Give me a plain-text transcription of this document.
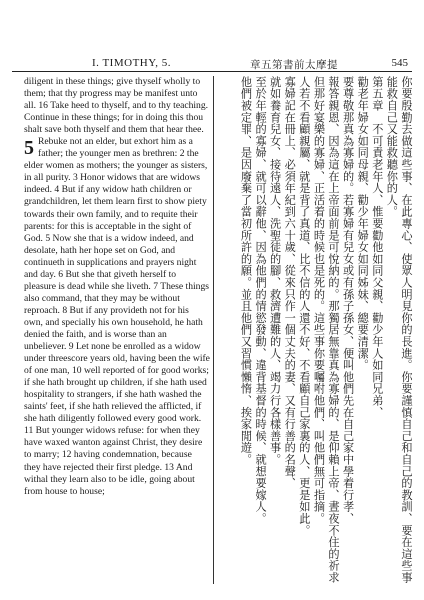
I. TIMOTHY, 5.	章五第書前太摩提	545

diligent in these things; give thyself wholly to them; that thy progress may be manifest unto all. 16 Take heed to thyself, and to thy teaching. Continue in these things; for in doing this thou shalt save both thyself and them that hear thee.

5 Rebuke not an elder, but exhort him as a father; the younger men as brethren: 2 the elder women as mothers; the younger as sisters, in all purity. 3 Honor widows that are widows indeed. 4 But if any widow hath children or grandchildren, let them learn first to show piety towards their own family, and to requite their parents: for this is acceptable in the sight of God. 5 Now she that is a widow indeed, and desolate, hath her hope set on God, and continueth in supplications and prayers night and day. 6 But she that giveth herself to pleasure is dead while she liveth. 7 These things also command, that they may be without reproach. 8 But if any provideth not for his own, and specially his own household, he hath denied the faith, and is worse than an unbeliever. 9 Let none be enrolled as a widow under threescore years old, having been the wife of one man, 10 well reported of for good works; if she hath brought up children, if she hath used hospitality to strangers, if she hath washed the saints' feet, if she hath relieved the afflicted, if she hath diligently followed every good work. 11 But younger widows refuse: for when they have waxed wanton against Christ, they desire to marry; 12 having condemnation, because they have rejected their first pledge. 13 And withal they learn also to be idle, going about from house to house;

你要殷勤去做這些事、在此專心、使眾人明見你的長進。你要謹慎自己和自己的教訓、要在這些事
能救自己又能救聽你的人。
第五章　不可責老年人、惟要勸他如同父親、勸少年人如同兄弟、
勸老年婦女如同母親、勸少年婦女如同姊妹、總要清潔。
要尊敬那真為寡婦的。若寡婦有兒女或有孫子孫女、便叫他們先在自己家中學着行孝、
報答親恩、因為這在上帝面前是可悅納的。那獨居無靠真為寡婦的、是仰賴上帝、晝夜不住的祈求
但那好宴樂的寡婦、正活着的時候也是死的。這些事你要囑咐他們、叫他們無可指摘。
人若不看顧親屬、就是背了真道、比不信的人還不好、不看顧自己家裏的人、更是如此。
寡婦記在冊上、必須年紀到六十歲、從來只作一個丈夫的妻、又有行善的名聲、
就如養育兒女、接待遠人、洗聖徒的腳、救濟遭難的人、竭力行各樣善事。
至於年輕的寡婦、就可以辭他、因為他們的情慾發動、違背基督的時候、就想要嫁人。
他們被定罪、是因廢棄了當初所許的願。並且他們又習慣懶惰、挨家閒遊。
